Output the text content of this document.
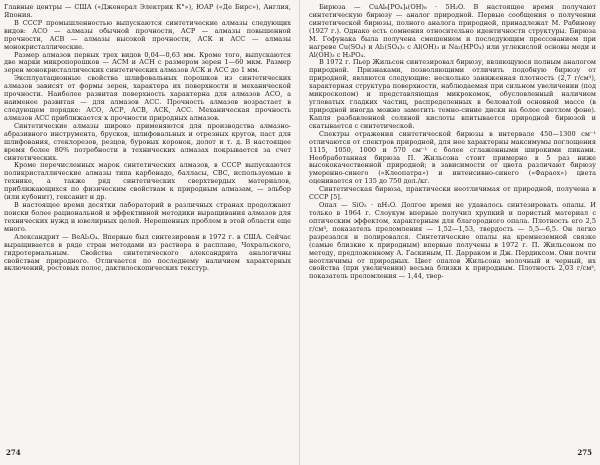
Главные центры — США («Дженерал Электрик К°»), ЮАР («Де Бирс»), Англия, Япония.

В СССР промышленностью выпускаются синтетические алмазы следующих видов: АСО — алмазы обычной прочности, АСР — алмазы повышенной прочности, АСВ — алмазы высокой прочности, АСК и АСС — алмазы монокристаллические.

Размер алмазов первых трех видов 0,04—0,63 мм. Кроме того, выпускаются две марки микропорошков — АСМ и АСН с размером зерен 1—60 мкм. Размер зерен монокристаллических синтетических алмазов АСК и АСС до 1 мм.

Эксплуатационные свойства шлифовальных порошков из синтетических алмазов зависят от формы зерен, характера их поверхности и механической прочности. Наиболее развитая поверхность характерна для алмазов АСО, а наименее развитая — для алмазов АСС. Прочность алмазов возрастает в следующем порядке: АСО, АСР, АСВ, АСК, АСС. Механическая прочность алмазов АСС приближается к прочности природных алмазов.

Синтетические алмазы широко применяются для производства алмазно-абразивного инструмента, брусков, шлифовальных и отрезных кругов, паст для шлифования, стеклорезов, резцов, буровых коронок, долот и т. д. В настоящее время более 80% потребности в технических алмазах покрывается за счет синтетических.

Кроме перечисленных марок синтетических алмазов, в СССР выпускаются поликристаллические алмазы типа карбонадо, балласы, СВС, используемые в технике, а также ряд синтетических сверхтвердых материалов, приближающихся по физическим свойствам к природным алмазам, — эльбор (или кубонит), гексанит и др.

В настоящее время десятки лабораторий в различных странах продолжают поиски более рациональной и эффективной методики выращивания алмазов для технических нужд и ювелирных целей. Нерешенных проблем в этой области еще много.

Александрит — BeAl₂O₄. Впервые был синтезирован в 1972 г. в США. Сейчас выращивается в ряде стран методами из раствора в расплаве, Чохральского, гидротермальным. Свойства синтетического александрита аналогичны свойствам природного. Отличается по последнему наличием характерных включений, ростовых полос, дактилоскопических текстур.

274

Бирюза — CuAl₆[PO₄]₄(OH)₈ · 5H₂O. В настоящее время получают синтетическую бирюзу — аналог природной. Первые сообщения о получении синтетической бирюзы, полного аналога природной, принадлежат М. Рабинову (1927 г.). Однако есть сомнения относительно идентичности структуры. Бирюза М. Гофунака была получена смешением и последующим прессованием при нагреве Cu(SO₄) и Al₂(SO₄)₃ с Al(OH)₃ и Na₂(HPO₄) или углекислой основы меди и Al(OH)₃ с H₃PO₄.

В 1972 г. Пьер Жильсон синтезировал бирюзу, являющуюся полным аналогом природной. Признаками, позволяющими отличить подобную бирюзу от природной, являются следующие: несколько заниженная плотность (2,7 г/см³), характерная структура поверхности, наблюдаемая при сильном увеличении (под микроскопом) и представляющая микрокомок, обусловленный наличием угловатых гладких частиц, распределенных в беловатой основной массе (в природной иногда можно заметить темно-синие диски на более светлом фоне). Капля разбавленной соляной кислоты впитывается природной бирюзой и скатывается с синтетической.

Спектры отражения синтетической бирюзы в интервале 450—1300 см⁻¹ отличаются от спектров природной, для нее характерны максимумы поглощения 1115, 1050, 1000 и 570 см⁻¹ с более сглаженными широкими пиками. Необработанная бирюза П. Жильсона стоит примерно в 5 раз ниже высококачественной природной; в зависимости от цвета различают бирюзу умеренно-синего («Клеопатра») и интенсивно-синего («Фараох») цвета оценивается от 135 до 750 дол./кг.

Синтетическая бирюза, практически неотличимая от природной, получена в СССР [5].

Опал — SiO₂ · nH₂O. Долгое время не удавалось синтезировать опалы. И только в 1964 г. Слоукум впервые получил хрупкий и пористый материал с оптическим эффектом, характерным для благородного опала. Плотность его 2,5 г/см³, показатель преломления — 1,52—1,53, твердость — 5,5—6,5. Он легко разрезался и полировался. Синтетические опалы на кремнеземной связке (самые близкие к природным) впервые получены в 1972 г. П. Жильсоном по методу, предложенному А. Гаскиным, П. Дарраком и Дж. Пердиксом. Они почти неотличимы от природных. Цвет опалов Жильсона молочный и черный, их свойства (при увеличении) весьма близки к природным. Плотность 2,03 г/см³, показатель преломления — 1,44, твер-

275
